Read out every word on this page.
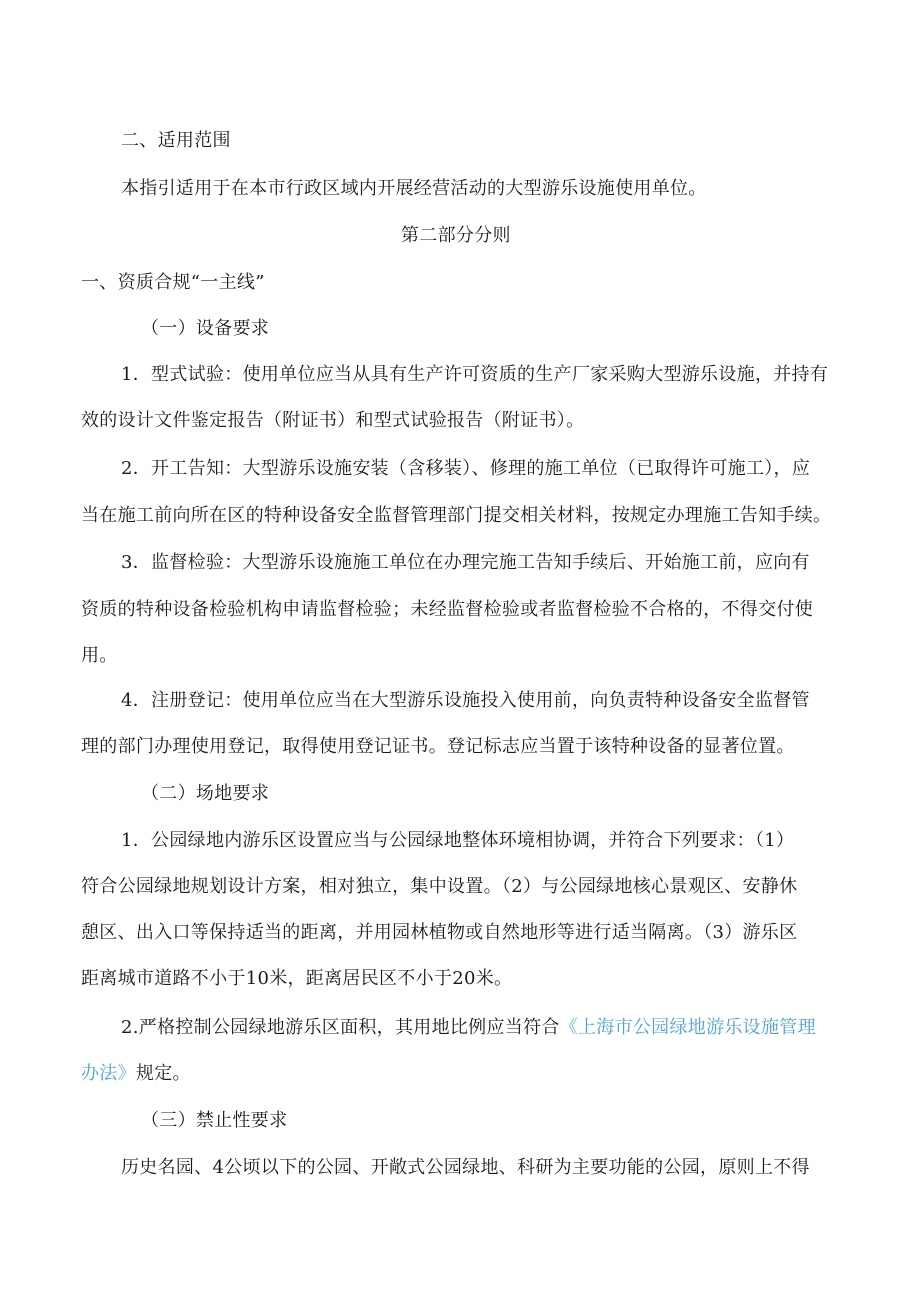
二、适用范围
本指引适用于在本市行政区域内开展经营活动的大型游乐设施使用单位。
第二部分分则
一、资质合规“一主线”
（一）设备要求
1．型式试验：使用单位应当从具有生产许可资质的生产厂家采购大型游乐设施，并持有
效的设计文件鉴定报告（附证书）和型式试验报告（附证书）。
2．开工告知：大型游乐设施安装（含移装）、修理的施工单位（已取得许可施工），应
当在施工前向所在区的特种设备安全监督管理部门提交相关材料，按规定办理施工告知手续。
3．监督检验：大型游乐设施施工单位在办理完施工告知手续后、开始施工前，应向有
资质的特种设备检验机构申请监督检验；未经监督检验或者监督检验不合格的，不得交付使
用。
4．注册登记：使用单位应当在大型游乐设施投入使用前，向负责特种设备安全监督管
理的部门办理使用登记，取得使用登记证书。登记标志应当置于该特种设备的显著位置。
（二）场地要求
1．公园绿地内游乐区设置应当与公园绿地整体环境相协调，并符合下列要求：（1）
符合公园绿地规划设计方案，相对独立，集中设置。（2）与公园绿地核心景观区、安静休
憩区、出入口等保持适当的距离，并用园林植物或自然地形等进行适当隔离。（3）游乐区
距离城市道路不小于10米，距离居民区不小于20米。
2.严格控制公园绿地游乐区面积，其用地比例应当符合《上海市公园绿地游乐设施管理
办法》规定。
（三）禁止性要求
历史名园、4公顷以下的公园、开敞式公园绿地、科研为主要功能的公园，原则上不得
